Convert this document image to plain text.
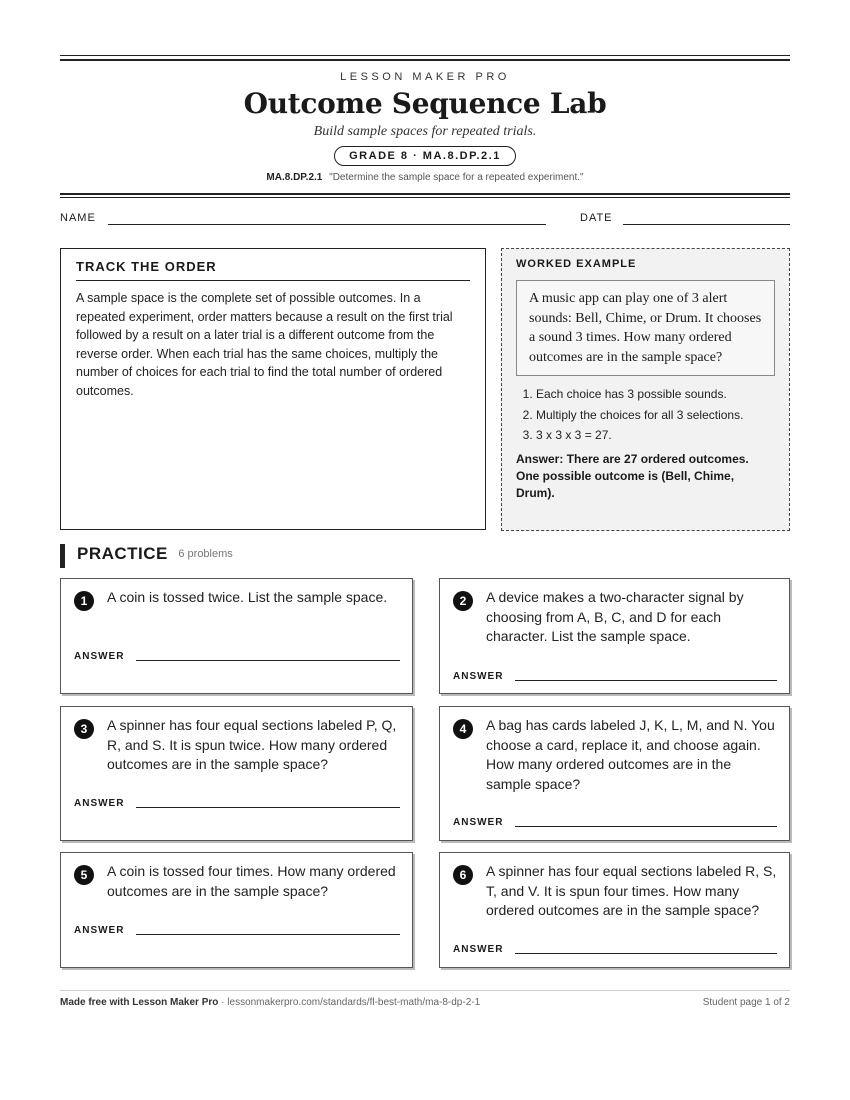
LESSON MAKER PRO
Outcome Sequence Lab
Build sample spaces for repeated trials.
GRADE 8 · MA.8.DP.2.1
MA.8.DP.2.1 "Determine the sample space for a repeated experiment."
NAME	DATE
TRACK THE ORDER

A sample space is the complete set of possible outcomes. In a repeated experiment, order matters because a result on the first trial followed by a result on a later trial is a different outcome from the reverse order. When each trial has the same choices, multiply the number of choices for each trial to find the total number of ordered outcomes.

WORKED EXAMPLE
A music app can play one of 3 alert sounds: Bell, Chime, or Drum. It chooses a sound 3 times. How many ordered outcomes are in the sample space?
1. Each choice has 3 possible sounds.
2. Multiply the choices for all 3 selections.
3. 3 x 3 x 3 = 27.
Answer: There are 27 ordered outcomes. One possible outcome is (Bell, Chime, Drum).
PRACTICE 6 problems
1	A coin is tossed twice. List the sample space.
ANSWER
2	A device makes a two-character signal by choosing from A, B, C, and D for each character. List the sample space.
ANSWER
3	A spinner has four equal sections labeled P, Q, R, and S. It is spun twice. How many ordered outcomes are in the sample space?
ANSWER
4	A bag has cards labeled J, K, L, M, and N. You choose a card, replace it, and choose again. How many ordered outcomes are in the sample space?
ANSWER
5	A coin is tossed four times. How many ordered outcomes are in the sample space?
ANSWER
6	A spinner has four equal sections labeled R, S, T, and V. It is spun four times. How many ordered outcomes are in the sample space?
ANSWER
Made free with Lesson Maker Pro · lessonmakerpro.com/standards/fl-best-math/ma-8-dp-2-1	Student page 1 of 2
